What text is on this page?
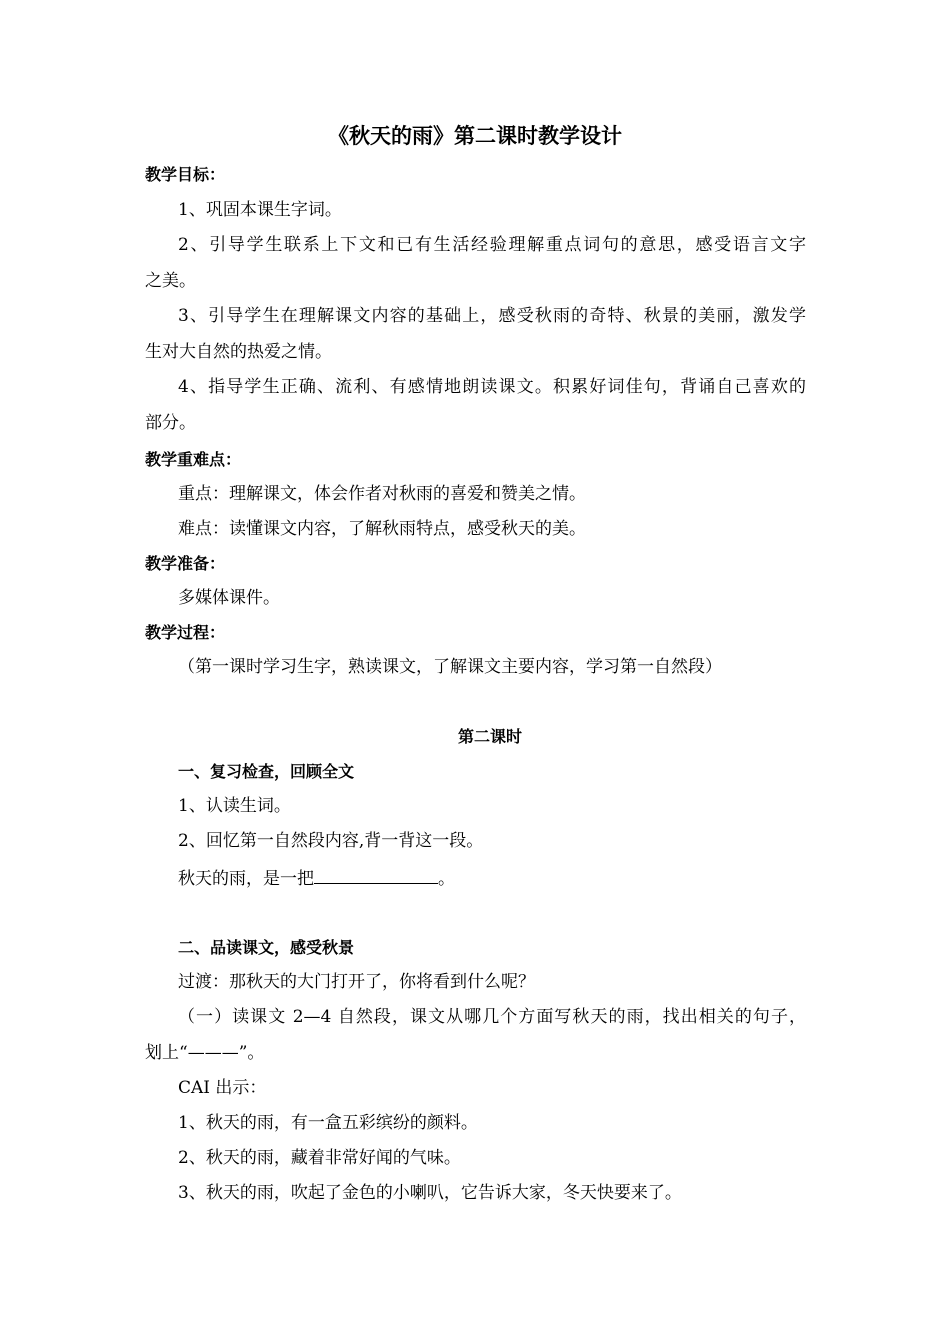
《秋天的雨》第二课时教学设计
教学目标：
1、巩固本课生字词。
2、引导学生联系上下文和已有生活经验理解重点词句的意思，感受语言文字
之美。
3、引导学生在理解课文内容的基础上，感受秋雨的奇特、秋景的美丽，激发学
生对大自然的热爱之情。
4、指导学生正确、流利、有感情地朗读课文。积累好词佳句，背诵自己喜欢的
部分。
教学重难点：
重点：理解课文，体会作者对秋雨的喜爱和赞美之情。
难点：读懂课文内容，了解秋雨特点，感受秋天的美。
教学准备：
多媒体课件。
教学过程：
（第一课时学习生字，熟读课文，了解课文主要内容，学习第一自然段）
第二课时
一、复习检查，回顾全文
1、认读生词。
2、回忆第一自然段内容,背一背这一段。
秋天的雨，是一把	。
二、品读课文，感受秋景
过渡：那秋天的大门打开了，你将看到什么呢？
（一）读课文 2—4 自然段，课文从哪几个方面写秋天的雨，找出相关的句子，
划上“———”。
CAI 出示：
1、秋天的雨，有一盒五彩缤纷的颜料。
2、秋天的雨，藏着非常好闻的气味。
3、秋天的雨，吹起了金色的小喇叭，它告诉大家，冬天快要来了。
